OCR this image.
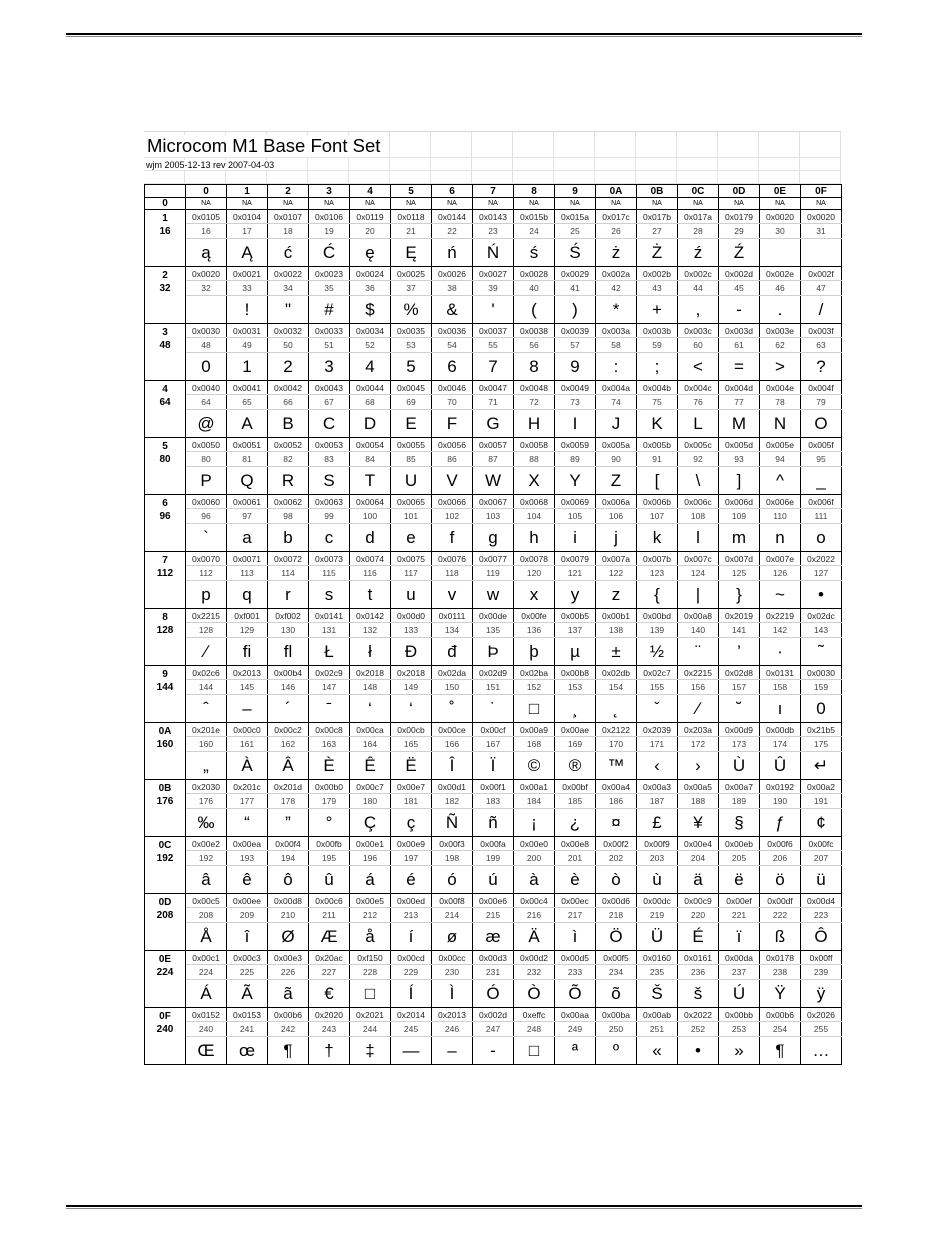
Microcom M1 Base Font Set
wjm 2005-12-13 rev 2007-04-03
	0	1	2	3	4	5	6	7	8	9	0A	0B	0C	0D	0E	0F
0	NA	NA	NA	NA	NA	NA	NA	NA	NA	NA	NA	NA	NA	NA	NA	NA

1
16	0x0105	0x0104	0x0107	0x0106	0x0119	0x0118	0x0144	0x0143	0x015b	0x015a	0x017c	0x017b	0x017a	0x0179	0x0020	0x0020
	16	17	18	19	20	21	22	23	24	25	26	27	28	29	30	31
	ą	Ą	ć	Ć	ę	Ę	ń	Ń	ś	Ś	ż	Ż	ź	Ź		

2
32	0x0020	0x0021	0x0022	0x0023	0x0024	0x0025	0x0026	0x0027	0x0028	0x0029	0x002a	0x002b	0x002c	0x002d	0x002e	0x002f
	32	33	34	35	36	37	38	39	40	41	42	43	44	45	46	47
		!	"	#	$	%	&	'	(	)	*	+	,	-	.	/

3
48	0x0030	0x0031	0x0032	0x0033	0x0034	0x0035	0x0036	0x0037	0x0038	0x0039	0x003a	0x003b	0x003c	0x003d	0x003e	0x003f
	48	49	50	51	52	53	54	55	56	57	58	59	60	61	62	63
	0	1	2	3	4	5	6	7	8	9	:	;	<	=	>	?

4
64	0x0040	0x0041	0x0042	0x0043	0x0044	0x0045	0x0046	0x0047	0x0048	0x0049	0x004a	0x004b	0x004c	0x004d	0x004e	0x004f
	64	65	66	67	68	69	70	71	72	73	74	75	76	77	78	79
	@	A	B	C	D	E	F	G	H	I	J	K	L	M	N	O

5
80	0x0050	0x0051	0x0052	0x0053	0x0054	0x0055	0x0056	0x0057	0x0058	0x0059	0x005a	0x005b	0x005c	0x005d	0x005e	0x005f
	80	81	82	83	84	85	86	87	88	89	90	91	92	93	94	95
	P	Q	R	S	T	U	V	W	X	Y	Z	[	\	]	^	_

6
96	0x0060	0x0061	0x0062	0x0063	0x0064	0x0065	0x0066	0x0067	0x0068	0x0069	0x006a	0x006b	0x006c	0x006d	0x006e	0x006f
	96	97	98	99	100	101	102	103	104	105	106	107	108	109	110	111
	`	a	b	c	d	e	f	g	h	i	j	k	l	m	n	o

7
112	0x0070	0x0071	0x0072	0x0073	0x0074	0x0075	0x0076	0x0077	0x0078	0x0079	0x007a	0x007b	0x007c	0x007d	0x007e	0x2022
	112	113	114	115	116	117	118	119	120	121	122	123	124	125	126	127
	p	q	r	s	t	u	v	w	x	y	z	{	|	}	~	•

8
128	0x2215	0xf001	0xf002	0x0141	0x0142	0x00d0	0x0111	0x00de	0x00fe	0x00b5	0x00b1	0x00bd	0x00a8	0x2019	0x2219	0x02dc
	128	129	130	131	132	133	134	135	136	137	138	139	140	141	142	143
	∕	ﬁ	ﬂ	Ł	ł	Đ	đ	Þ	þ	µ	±	½	¨	’	∙	˜

9
144	0x02c6	0x2013	0x00b4	0x02c9	0x2018	0x2018	0x02da	0x02d9	0x02ba	0x00b8	0x02db	0x02c7	0x2215	0x02d8	0x0131	0x0030
	144	145	146	147	148	149	150	151	152	153	154	155	156	157	158	159
	ˆ	–	´	ˉ	‘	‘	˚	˙	□	¸	˛	ˇ	∕	˘	ı	0

0A
160	0x201e	0x00c0	0x00c2	0x00c8	0x00ca	0x00cb	0x00ce	0x00cf	0x00a9	0x00ae	0x2122	0x2039	0x203a	0x00d9	0x00db	0x21b5
	160	161	162	163	164	165	166	167	168	169	170	171	172	173	174	175
	„	À	Â	È	Ê	Ë	Î	Ï	©	®	™	‹	›	Ù	Û	↵

0B
176	0x2030	0x201c	0x201d	0x00b0	0x00c7	0x00e7	0x00d1	0x00f1	0x00a1	0x00bf	0x00a4	0x00a3	0x00a5	0x00a7	0x0192	0x00a2
	176	177	178	179	180	181	182	183	184	185	186	187	188	189	190	191
	‰	“	”	°	Ç	ç	Ñ	ñ	¡	¿	¤	£	¥	§	ƒ	¢

0C
192	0x00e2	0x00ea	0x00f4	0x00fb	0x00e1	0x00e9	0x00f3	0x00fa	0x00e0	0x00e8	0x00f2	0x00f9	0x00e4	0x00eb	0x00f6	0x00fc
	192	193	194	195	196	197	198	199	200	201	202	203	204	205	206	207
	â	ê	ô	û	á	é	ó	ú	à	è	ò	ù	ä	ë	ö	ü

0D
208	0x00c5	0x00ee	0x00d8	0x00c6	0x00e5	0x00ed	0x00f8	0x00e6	0x00c4	0x00ec	0x00d6	0x00dc	0x00c9	0x00ef	0x00df	0x00d4
	208	209	210	211	212	213	214	215	216	217	218	219	220	221	222	223
	Å	î	Ø	Æ	å	í	ø	æ	Ä	ì	Ö	Ü	É	ï	ß	Ô

0E
224	0x00c1	0x00c3	0x00e3	0x20ac	0xf150	0x00cd	0x00cc	0x00d3	0x00d2	0x00d5	0x00f5	0x0160	0x0161	0x00da	0x0178	0x00ff
	224	225	226	227	228	229	230	231	232	233	234	235	236	237	238	239
	Á	Ã	ã	€	□	Í	Ì	Ó	Ò	Õ	õ	Š	š	Ú	Ÿ	ÿ

0F
240	0x0152	0x0153	0x00b6	0x2020	0x2021	0x2014	0x2013	0x002d	0xeffc	0x00aa	0x00ba	0x00ab	0x2022	0x00bb	0x00b6	0x2026
	240	241	242	243	244	245	246	247	248	249	250	251	252	253	254	255
	Œ	œ	¶	†	‡	—	–	-	□	ª	º	«	•	»	¶	…
